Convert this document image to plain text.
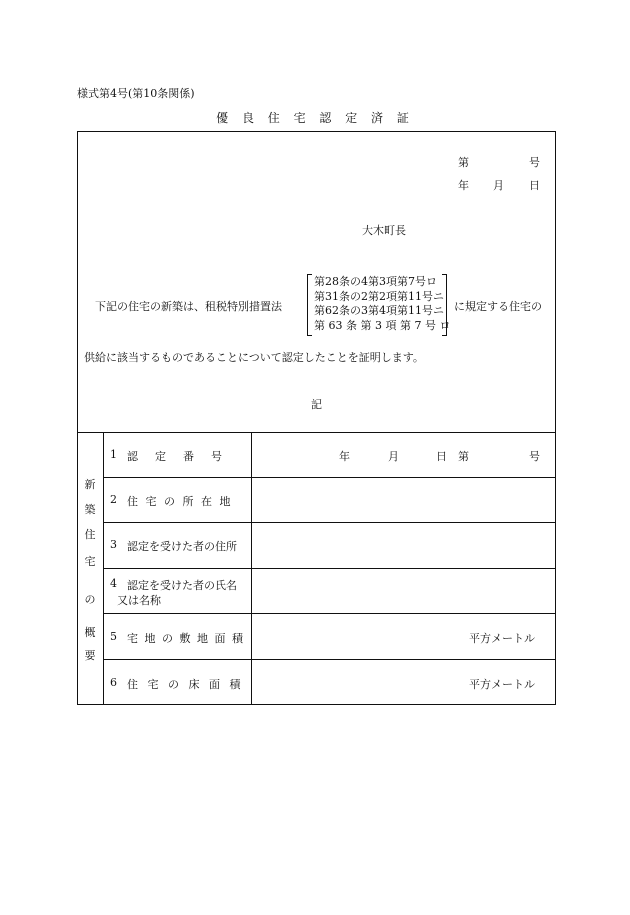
様式第4号(第10条関係)
優 良 住 宅 認 定 済 証
第	号
年 月 日
大木町長
下記の住宅の新築は、租税特別措置法
第28条の4第3項第7号ロ
第31条の2第2項第11号ニ
第62条の3第4項第11号ニ
第 63 条 第 3 項 第 7 号 ロ
に規定する住宅の
供給に該当するものであることについて認定したことを証明します。
記
新
築
住
宅
の
概
要
1 認　定　番　号	年	月	日 第	号
2 住 宅 の 所 在 地
3 認定を受けた者の住所
4 認定を受けた者の氏名
又は名称
5 宅 地 の 敷 地 面 積	平方メートル
6 住 宅 の 床 面 積	平方メートル
